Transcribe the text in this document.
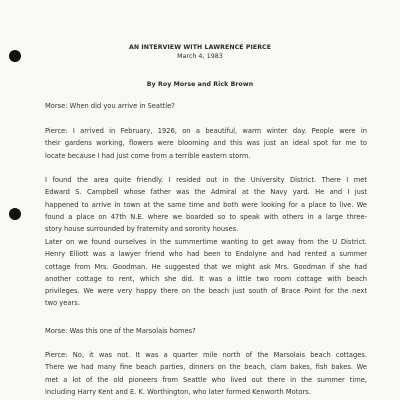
AN INTERVIEW WITH LAWRENCE PIERCE
March 4, 1983
By Roy Morse and Rick Brown
Morse: When did you arrive in Seattle?
Pierce: I arrived in February, 1926, on a beautiful, warm winter day. People were in
their gardens working, flowers were blooming and this was just an ideal spot for me to
locate because I had just come from a terrible eastern storm.
I found the area quite friendly. I resided out in the University District. There I met
Edward S. Campbell whose father was the Admiral at the Navy yard. He and I just
happened to arrive in town at the same time and both were looking for a place to live. We
found a place on 47th N.E. where we boarded so to speak with others in a large three-
story house surrounded by fraternity and sorority houses.
Later on we found ourselves in the summertime wanting to get away from the U District.
Henry Elliott was a lawyer friend who had been to Endolyne and had rented a summer
cottage from Mrs. Goodman. He suggested that we might ask Mrs. Goodman if she had
another cottage to rent, which she did. It was a little two room cottage with beach
privileges. We were very happy there on the beach just south of Brace Point for the next
two years.
Morse: Was this one of the Marsolais homes?
Pierce: No, it was not. It was a quarter mile north of the Marsolais beach cottages.
There we had many fine beach parties, dinners on the beach, clam bakes, fish bakes. We
met a lot of the old pioneers from Seattle who lived out there in the summer time,
including Harry Kent and E. K. Worthington, who later formed Kenworth Motors.
